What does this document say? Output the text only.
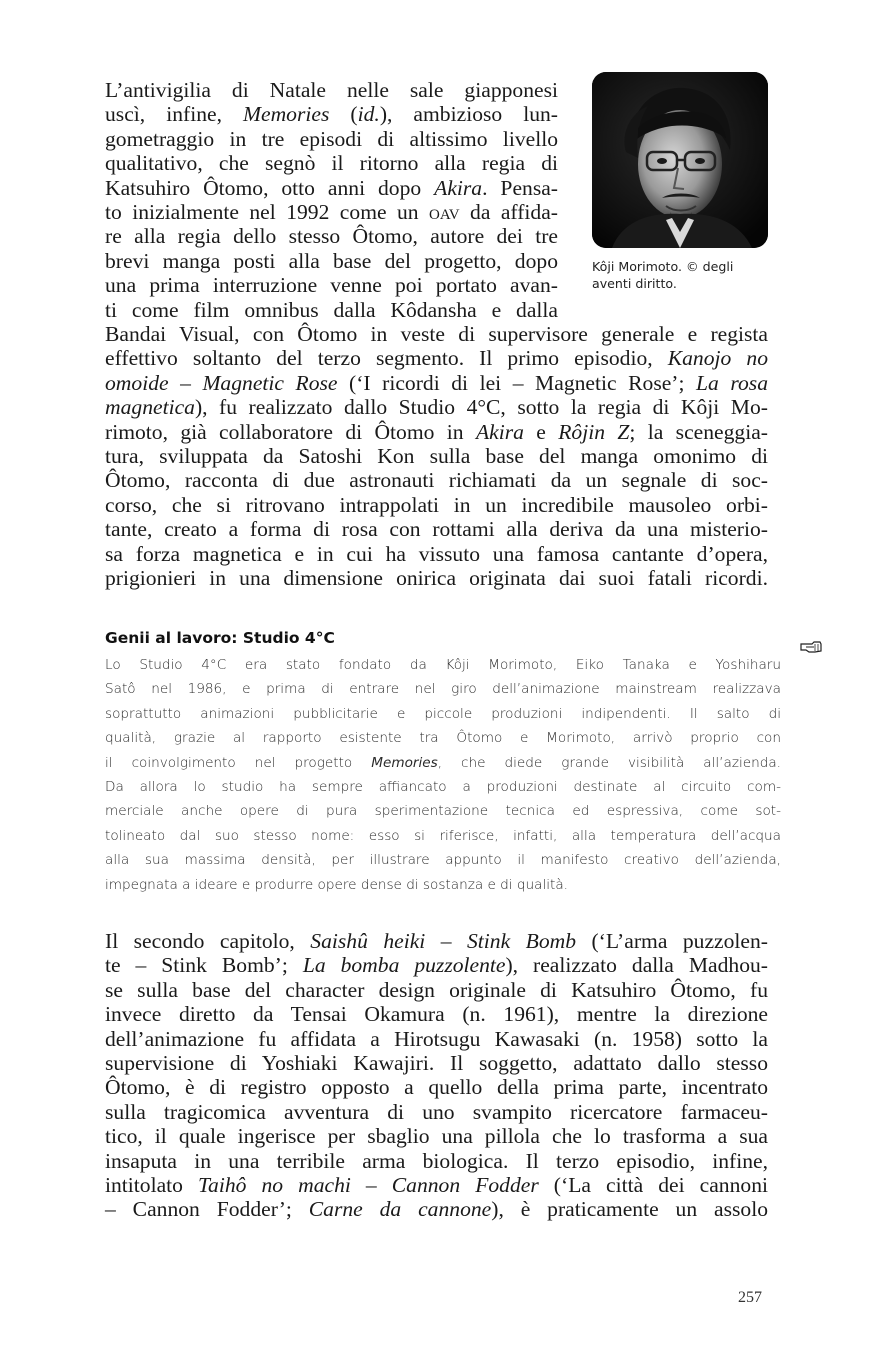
Kôji Morimoto. © degli
aventi diritto.
L’antivigilia di Natale nelle sale giapponesi
uscì, infine, Memories (id.), ambizioso lun-
gometraggio in tre episodi di altissimo livello
qualitativo, che segnò il ritorno alla regia di
Katsuhiro Ôtomo, otto anni dopo Akira. Pensa-
to inizialmente nel 1992 come un oav da affida-
re alla regia dello stesso Ôtomo, autore dei tre
brevi manga posti alla base del progetto, dopo
una prima interruzione venne poi portato avan-
ti come film omnibus dalla Kôdansha e dalla
Bandai Visual, con Ôtomo in veste di supervisore generale e regista
effettivo soltanto del terzo segmento. Il primo episodio, Kanojo no
omoide – Magnetic Rose (‘I ricordi di lei – Magnetic Rose’; La rosa
magnetica), fu realizzato dallo Studio 4°C, sotto la regia di Kôji Mo-
rimoto, già collaboratore di Ôtomo in Akira e Rôjin Z; la sceneggia-
tura, sviluppata da Satoshi Kon sulla base del manga omonimo di
Ôtomo, racconta di due astronauti richiamati da un segnale di soc-
corso, che si ritrovano intrappolati in un incredibile mausoleo orbi-
tante, creato a forma di rosa con rottami alla deriva da una misterio-
sa forza magnetica e in cui ha vissuto una famosa cantante d’opera,
prigionieri in una dimensione onirica originata dai suoi fatali ricordi.
Genii al lavoro: Studio 4°C
Lo Studio 4°C era stato fondato da Kôji Morimoto, Eiko Tanaka e Yoshiharu
Satô nel 1986, e prima di entrare nel giro dell’animazione mainstream realizzava
soprattutto animazioni pubblicitarie e piccole produzioni indipendenti. Il salto di
qualità, grazie al rapporto esistente tra Ôtomo e Morimoto, arrivò proprio con
il coinvolgimento nel progetto Memories, che diede grande visibilità all’azienda.
Da allora lo studio ha sempre affiancato a produzioni destinate al circuito com-
merciale anche opere di pura sperimentazione tecnica ed espressiva, come sot-
tolineato dal suo stesso nome: esso si riferisce, infatti, alla temperatura dell’acqua
alla sua massima densità, per illustrare appunto il manifesto creativo dell’azienda,
impegnata a ideare e produrre opere dense di sostanza e di qualità.
Il secondo capitolo, Saishû heiki – Stink Bomb (‘L’arma puzzolen-
te – Stink Bomb’; La bomba puzzolente), realizzato dalla Madhou-
se sulla base del character design originale di Katsuhiro Ôtomo, fu
invece diretto da Tensai Okamura (n. 1961), mentre la direzione
dell’animazione fu affidata a Hirotsugu Kawasaki (n. 1958) sotto la
supervisione di Yoshiaki Kawajiri. Il soggetto, adattato dallo stesso
Ôtomo, è di registro opposto a quello della prima parte, incentrato
sulla tragicomica avventura di uno svampito ricercatore farmaceu-
tico, il quale ingerisce per sbaglio una pillola che lo trasforma a sua
insaputa in una terribile arma biologica. Il terzo episodio, infine,
intitolato Taihô no machi – Cannon Fodder (‘La città dei cannoni
– Cannon Fodder’; Carne da cannone), è praticamente un assolo
257
